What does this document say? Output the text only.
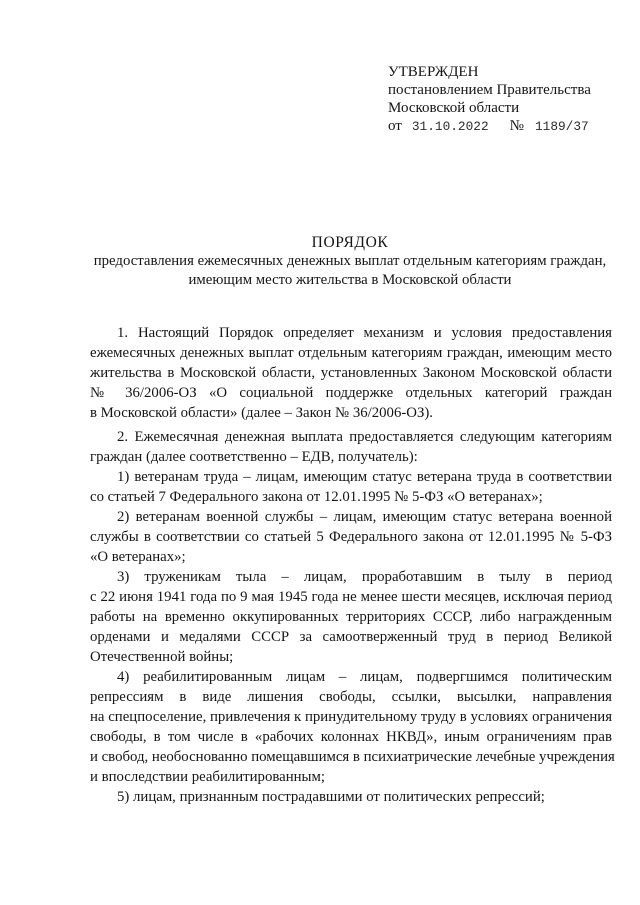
УТВЕРЖДЕН
постановлением Правительства
Московской области
от 31.10.2022 № 1189/37
ПОРЯДОК
предоставления ежемесячных денежных выплат отдельным категориям граждан,
имеющим место жительства в Московской области
1. Настоящий Порядок определяет механизм и условия предоставления
ежемесячных денежных выплат отдельным категориям граждан, имеющим место
жительства в Московской области, установленных Законом Московской области
№ 36/2006-ОЗ «О социальной поддержке отдельных категорий граждан
в Московской области» (далее – Закон № 36/2006-ОЗ).
2. Ежемесячная денежная выплата предоставляется следующим категориям
граждан (далее соответственно – ЕДВ, получатель):
1) ветеранам труда – лицам, имеющим статус ветерана труда в соответствии
со статьей 7 Федерального закона от 12.01.1995 № 5-ФЗ «О ветеранах»;
2) ветеранам военной службы – лицам, имеющим статус ветерана военной
службы в соответствии со статьей 5 Федерального закона от 12.01.1995 № 5-ФЗ
«О ветеранах»;
3) труженикам тыла – лицам, проработавшим в тылу в период
с 22 июня 1941 года по 9 мая 1945 года не менее шести месяцев, исключая период
работы на временно оккупированных территориях СССР, либо награжденным
орденами и медалями СССР за самоотверженный труд в период Великой
Отечественной войны;
4) реабилитированным лицам – лицам, подвергшимся политическим
репрессиям в виде лишения свободы, ссылки, высылки, направления
на спецпоселение, привлечения к принудительному труду в условиях ограничения
свободы, в том числе в «рабочих колоннах НКВД», иным ограничениям прав
и свобод, необоснованно помещавшимся в психиатрические лечебные учреждения
и впоследствии реабилитированным;
5) лицам, признанным пострадавшими от политических репрессий;
